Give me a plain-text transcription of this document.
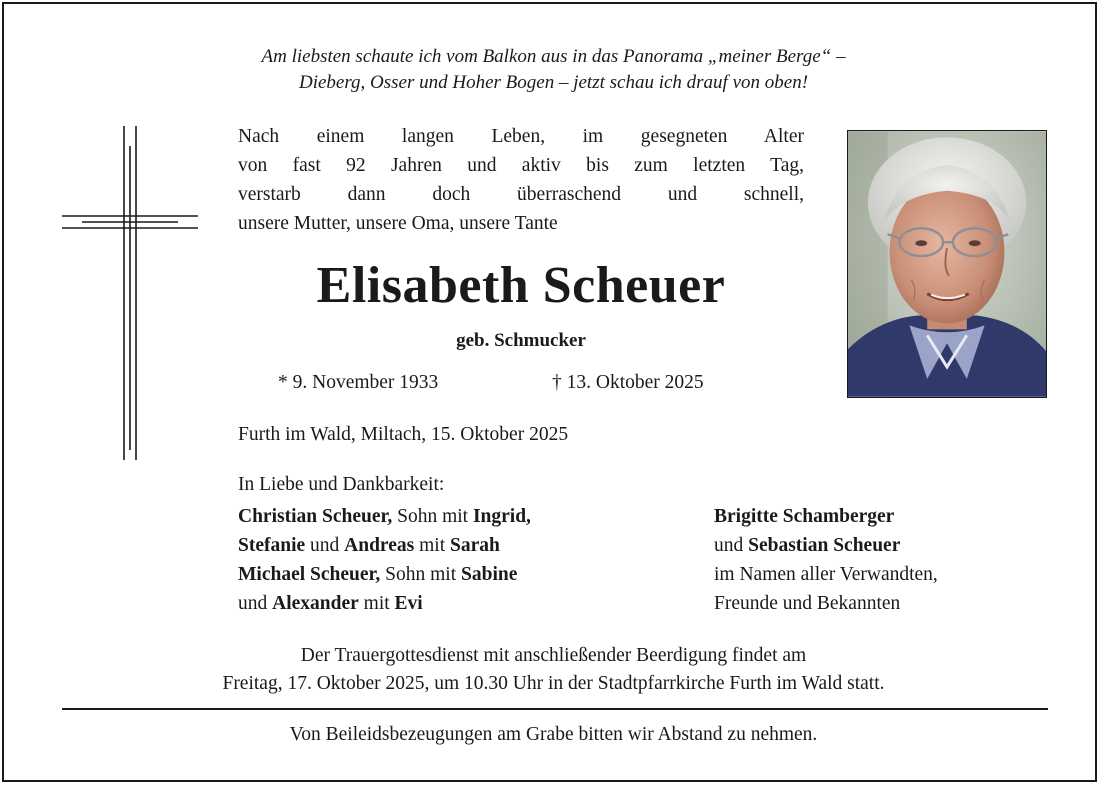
Am liebsten schaute ich vom Balkon aus in das Panorama „meiner Berge“ –
Dieberg, Osser und Hoher Bogen – jetzt schau ich drauf von oben!
Nach einem langen Leben, im gesegneten Alter
von fast 92 Jahren und aktiv bis zum letzten Tag,
verstarb dann doch überraschend und schnell,
unsere Mutter, unsere Oma, unsere Tante
Elisabeth Scheuer
geb. Schmucker
* 9. November 1933	† 13. Oktober 2025
Furth im Wald, Miltach, 15. Oktober 2025
In Liebe und Dankbarkeit:
Christian Scheuer, Sohn mit Ingrid,
Stefanie und Andreas mit Sarah
Michael Scheuer, Sohn mit Sabine
und Alexander mit Evi
Brigitte Schamberger
und Sebastian Scheuer
im Namen aller Verwandten,
Freunde und Bekannten
Der Trauergottesdienst mit anschließender Beerdigung findet am
Freitag, 17. Oktober 2025, um 10.30 Uhr in der Stadtpfarrkirche Furth im Wald statt.
Von Beileidsbezeugungen am Grabe bitten wir Abstand zu nehmen.
